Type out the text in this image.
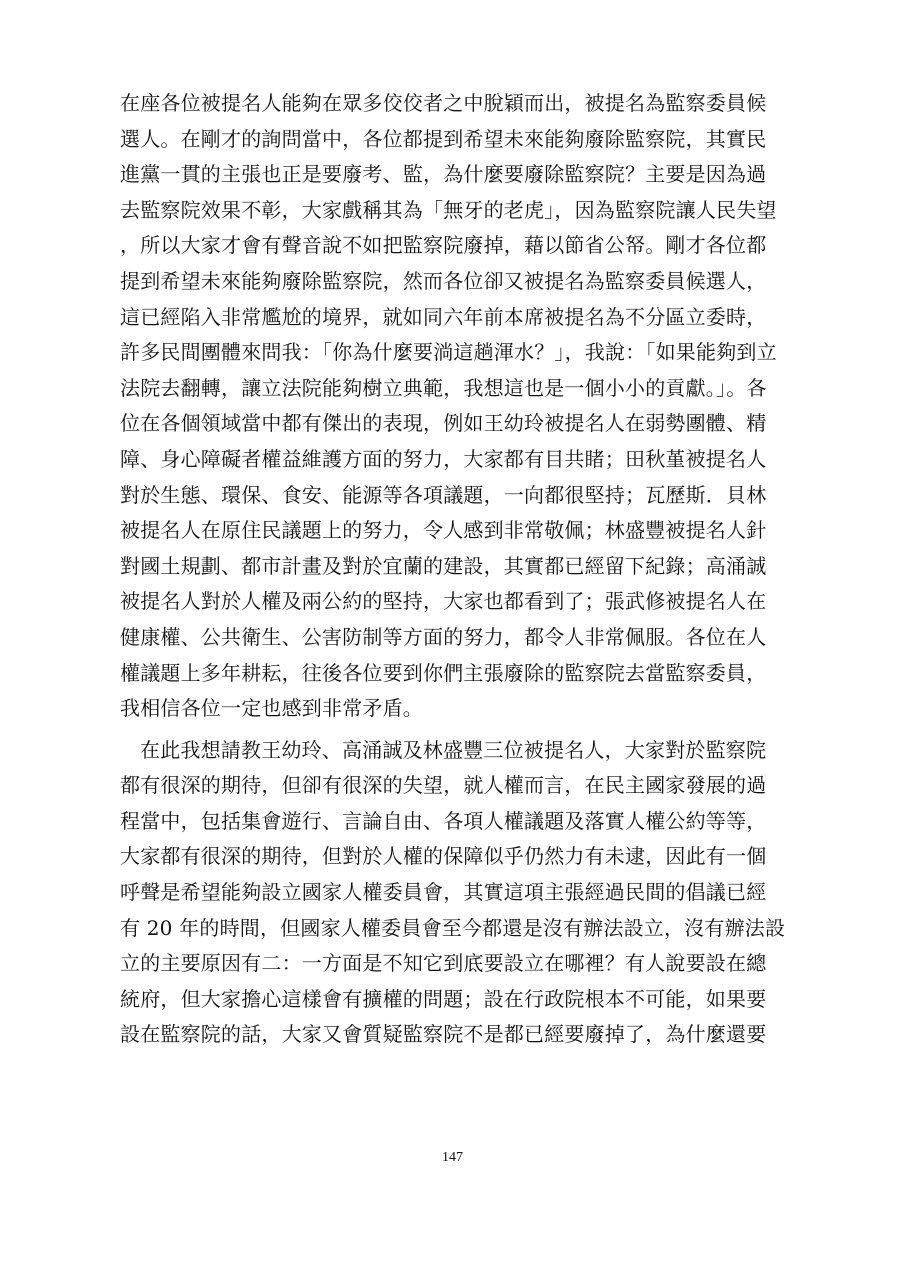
在座各位被提名人能夠在眾多佼佼者之中脫穎而出，被提名為監察委員候
選人。在剛才的詢問當中，各位都提到希望未來能夠廢除監察院，其實民
進黨一貫的主張也正是要廢考、監，為什麼要廢除監察院？主要是因為過
去監察院效果不彰，大家戲稱其為「無牙的老虎」，因為監察院讓人民失望
，所以大家才會有聲音說不如把監察院廢掉，藉以節省公帑。剛才各位都
提到希望未來能夠廢除監察院，然而各位卻又被提名為監察委員候選人，
這已經陷入非常尷尬的境界，就如同六年前本席被提名為不分區立委時，
許多民間團體來問我：「你為什麼要淌這趟渾水？」，我說：「如果能夠到立
法院去翻轉，讓立法院能夠樹立典範，我想這也是一個小小的貢獻。」。各
位在各個領域當中都有傑出的表現，例如王幼玲被提名人在弱勢團體、精
障、身心障礙者權益維護方面的努力，大家都有目共睹；田秋堇被提名人
對於生態、環保、食安、能源等各項議題，一向都很堅持；瓦歷斯．貝林
被提名人在原住民議題上的努力，令人感到非常敬佩；林盛豐被提名人針
對國土規劃、都市計畫及對於宜蘭的建設，其實都已經留下紀錄；高涌誠
被提名人對於人權及兩公約的堅持，大家也都看到了；張武修被提名人在
健康權、公共衛生、公害防制等方面的努力，都令人非常佩服。各位在人
權議題上多年耕耘，往後各位要到你們主張廢除的監察院去當監察委員，
我相信各位一定也感到非常矛盾。
在此我想請教王幼玲、高涌誠及林盛豐三位被提名人，大家對於監察院
都有很深的期待，但卻有很深的失望，就人權而言，在民主國家發展的過
程當中，包括集會遊行、言論自由、各項人權議題及落實人權公約等等，
大家都有很深的期待，但對於人權的保障似乎仍然力有未逮，因此有一個
呼聲是希望能夠設立國家人權委員會，其實這項主張經過民間的倡議已經
有 20 年的時間，但國家人權委員會至今都還是沒有辦法設立，沒有辦法設
立的主要原因有二：一方面是不知它到底要設立在哪裡？有人說要設在總
統府，但大家擔心這樣會有擴權的問題；設在行政院根本不可能，如果要
設在監察院的話，大家又會質疑監察院不是都已經要廢掉了，為什麼還要
147
